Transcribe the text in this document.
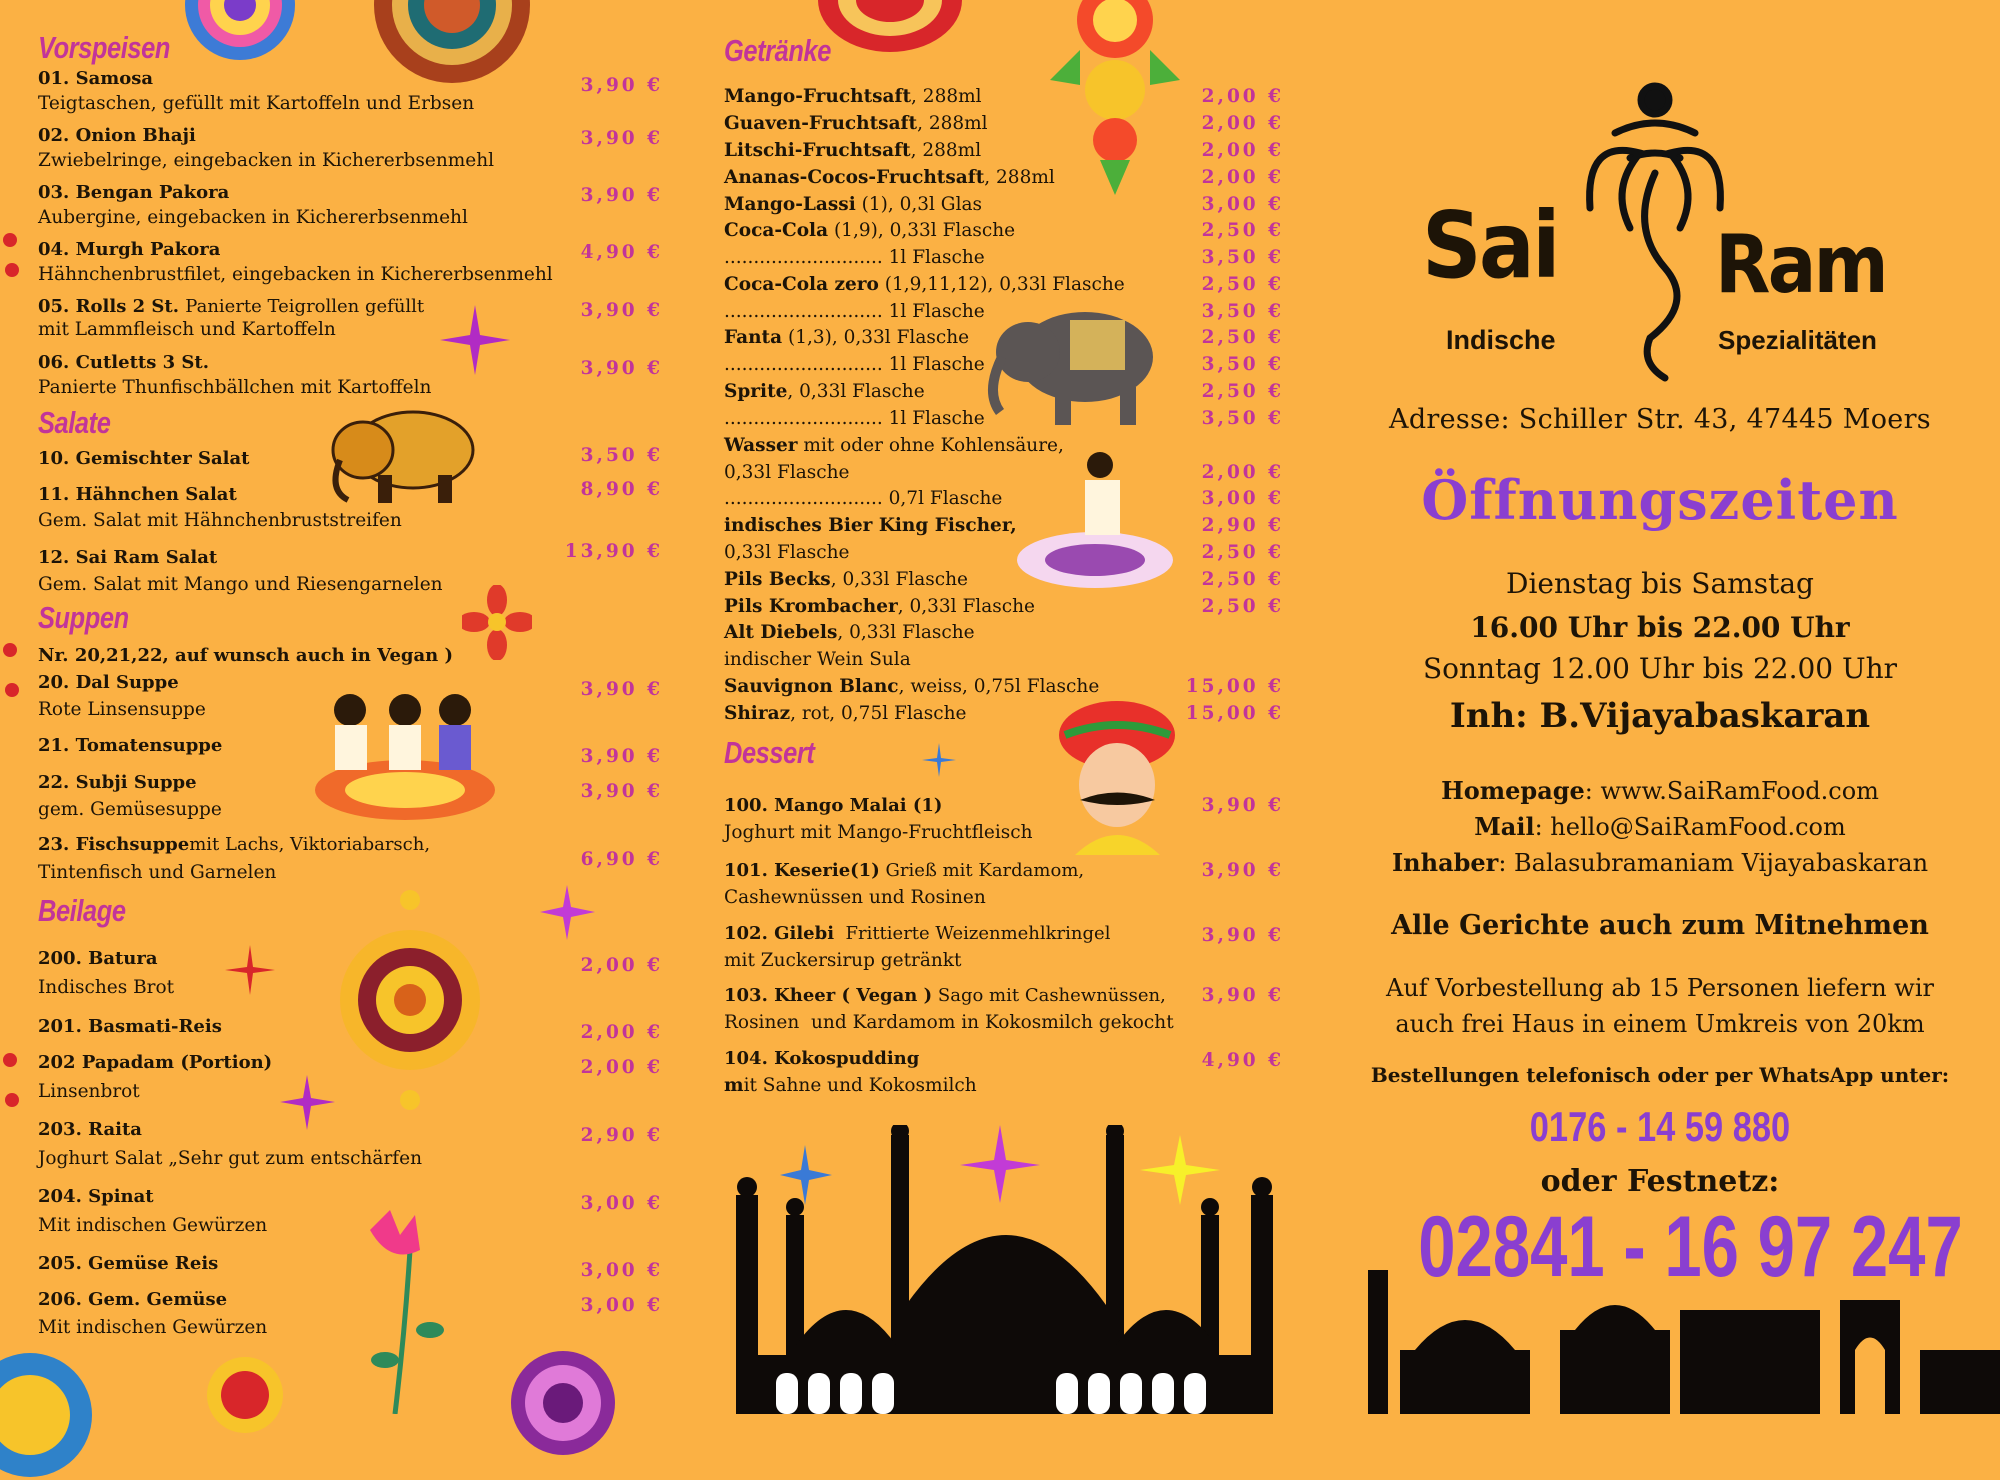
Vorspeisen
01. Samosa
Teigtaschen, gefüllt mit Kartoffeln und Erbsen
3,90 €
02. Onion Bhaji
Zwiebelringe, eingebacken in Kichererbsenmehl
3,90 €
03. Bengan Pakora
Aubergine, eingebacken in Kichererbsenmehl
3,90 €
04. Murgh Pakora
Hähnchenbrustfilet, eingebacken in Kichererbsenmehl
4,90 €
05. Rolls 2 St. Panierte Teigrollen gefüllt
mit Lammfleisch und Kartoffeln
3,90 €
06. Cutletts 3 St.
Panierte Thunfischbällchen mit Kartoffeln
3,90 €
Salate
10. Gemischter Salat	3,50 €
11. Hähnchen Salat
Gem. Salat mit Hähnchenbruststreifen
8,90 €
12. Sai Ram Salat
Gem. Salat mit Mango und Riesengarnelen
13,90 €
Suppen
Nr. 20,21,22, auf wunsch auch in Vegan )
20. Dal Suppe
Rote Linsensuppe
3,90 €
21. Tomatensuppe
3,90 €
22. Subji Suppe
gem. Gemüsesuppe
3,90 €
23. Fischsuppemit Lachs, Viktoriabarsch,
Tintenfisch und Garnelen
6,90 €
Beilage
200. Batura
Indisches Brot
2,00 €
201. Basmati-Reis	2,00 €
202 Papadam (Portion)
Linsenbrot
2,00 €
203. Raita
Joghurt Salat „Sehr gut zum entschärfen
2,90 €
204. Spinat
Mit indischen Gewürzen
3,00 €
205. Gemüse Reis	3,00 €
206. Gem. Gemüse
Mit indischen Gewürzen
3,00 €
Getränke
Mango-Fruchtsaft, 288ml	2,00 €
Guaven-Fruchtsaft, 288ml	2,00 €
Litschi-Fruchtsaft, 288ml	2,00 €
Ananas-Cocos-Fruchtsaft, 288ml	2,00 €
Mango-Lassi (1), 0,3l Glas	3,00 €
Coca-Cola (1,9), 0,33l Flasche	2,50 €
........................... 1l Flasche	3,50 €
Coca-Cola zero (1,9,11,12), 0,33l Flasche	2,50 €
........................... 1l Flasche	3,50 €
Fanta (1,3), 0,33l Flasche	2,50 €
........................... 1l Flasche	3,50 €
Sprite, 0,33l Flasche	2,50 €
........................... 1l Flasche	3,50 €
Wasser mit oder ohne Kohlensäure,
0,33l Flasche	2,00 €
........................... 0,7l Flasche	3,00 €
indisches Bier King Fischer,	2,90 €
0,33l Flasche	2,50 €
Pils Becks, 0,33l Flasche	2,50 €
Pils Krombacher, 0,33l Flasche	2,50 €
Alt Diebels, 0,33l Flasche
indischer Wein Sula
Sauvignon Blanc, weiss, 0,75l Flasche	15,00 €
Shiraz, rot, 0,75l Flasche	15,00 €
Dessert
100. Mango Malai (1)
Joghurt mit Mango-Fruchtfleisch
3,90 €
101. Keserie(1) Grieß mit Kardamom,
Cashewnüssen und Rosinen
3,90 €
102. Gilebi  Frittierte Weizenmehlkringel
mit Zuckersirup getränkt
3,90 €
103. Kheer ( Vegan ) Sago mit Cashewnüssen,
Rosinen  und Kardamom in Kokosmilch gekocht
3,90 €
104. Kokospudding
mit Sahne und Kokosmilch
4,90 €
Sai Ram
Indische	Spezialitäten
Adresse: Schiller Str. 43, 47445 Moers
Öffnungszeiten
Dienstag bis Samstag
16.00 Uhr bis 22.00 Uhr
Sonntag 12.00 Uhr bis 22.00 Uhr
Inh: B.Vijayabaskaran
Homepage: www.SaiRamFood.com
Mail: hello@SaiRamFood.com
Inhaber: Balasubramaniam Vijayabaskaran
Alle Gerichte auch zum Mitnehmen
Auf Vorbestellung ab 15 Personen liefern wir
auch frei Haus in einem Umkreis von 20km
Bestellungen telefonisch oder per WhatsApp unter:
0176 - 14 59 880
oder Festnetz:
02841 - 16 97 247
